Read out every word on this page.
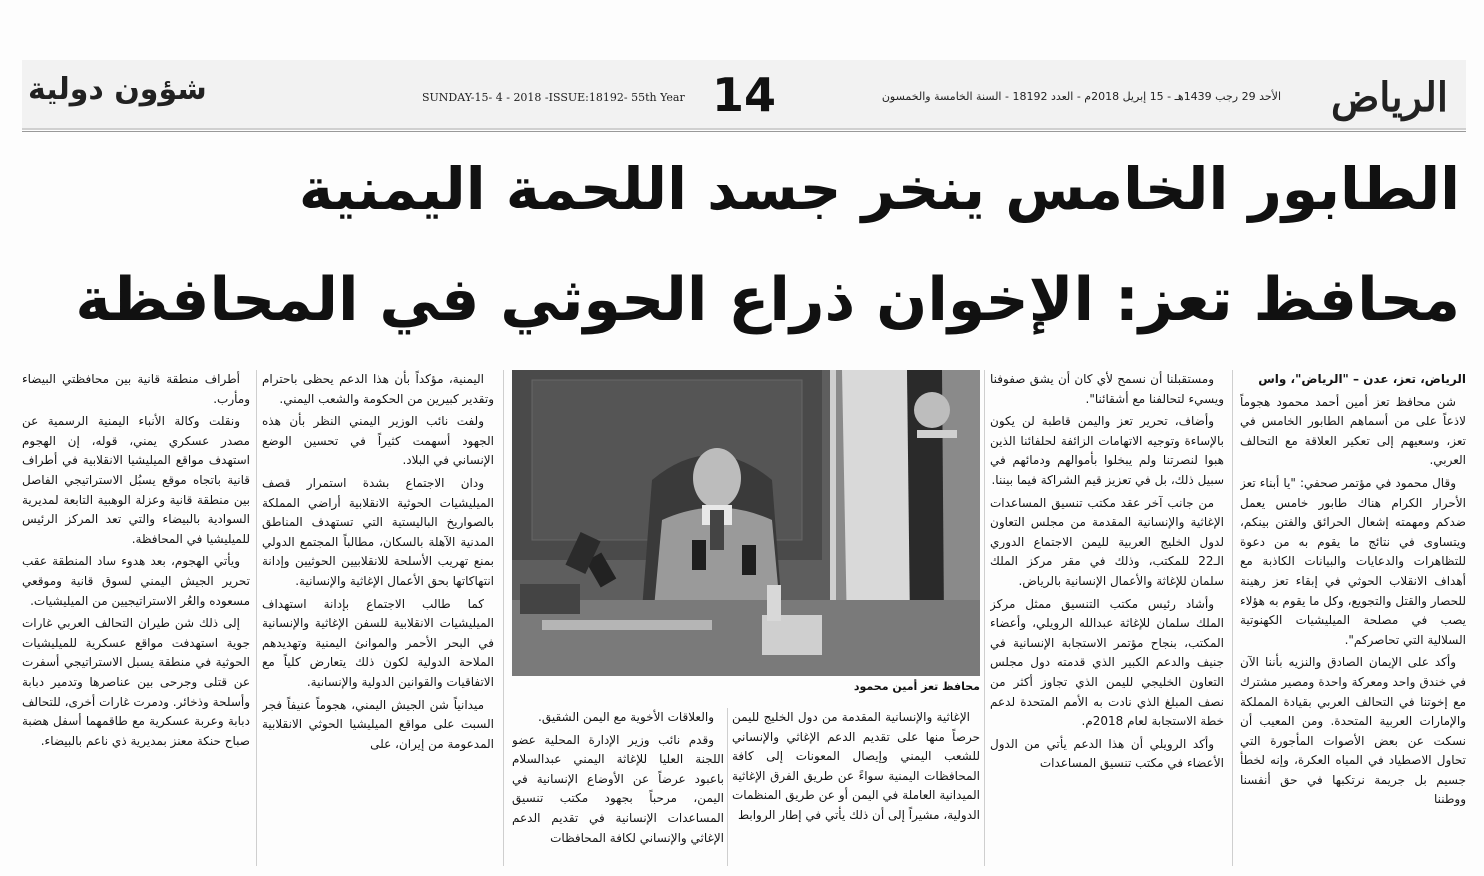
الرياض
الأحد 29 رجب 1439هـ - 15 إبريل 2018م - العدد 18192 - السنة الخامسة والخمسون
14
SUNDAY-15- 4 - 2018 -ISSUE:18192- 55th Year
شؤون دولية
الطابور الخامس ينخر جسد اللحمة اليمنية
محافظ تعز: الإخوان ذراع الحوثي في المحافظة

الرياض، تعز، عدن – "الرياض"، واس

شن محافظ تعز أمين أحمد محمود هجوماً لاذعاً على من أسماهم الطابور الخامس في تعز، وسعيهم إلى تعكير العلاقة مع التحالف العربي.

وقال محمود في مؤتمر صحفي: "يا أبناء تعز الأحرار الكرام هناك طابور خامس يعمل ضدكم ومهمته إشعال الحرائق والفتن بينكم، ويتساوى في نتائج ما يقوم به من دعوة للتظاهرات والدعايات والبيانات الكاذبة مع أهداف الانقلاب الحوثي في إبقاء تعز رهينة للحصار والقتل والتجويع، وكل ما يقوم به هؤلاء يصب في مصلحة الميليشيات الكهنوتية السلالية التي تحاصركم".

وأكد على الإيمان الصادق والنزيه بأننا الآن في خندق واحد ومعركة واحدة ومصير مشترك مع إخوتنا في التحالف العربي بقيادة المملكة والإمارات العربية المتحدة. ومن المعيب أن نسكت عن بعض الأصوات المأجورة التي تحاول الاصطياد في المياه العكرة، وإنه لخطأ جسيم بل جريمة نرتكبها في حق أنفسنا ووطننا

ومستقبلنا أن نسمح لأي كان أن يشق صفوفنا ويسيء لتحالفنا مع أشقائنا".

وأضاف، تحرير تعز واليمن قاطبة لن يكون بالإساءة وتوجيه الاتهامات الزائفة لحلفائنا الذين هبوا لنصرتنا ولم يبخلوا بأموالهم ودمائهم في سبيل ذلك، بل في تعزيز قيم الشراكة فيما بيننا.

من جانب آخر عقد مكتب تنسيق المساعدات الإغاثية والإنسانية المقدمة من مجلس التعاون لدول الخليج العربية لليمن الاجتماع الدوري الـ22 للمكتب، وذلك في مقر مركز الملك سلمان للإغاثة والأعمال الإنسانية بالرياض.

وأشاد رئيس مكتب التنسيق ممثل مركز الملك سلمان للإغاثة عبدالله الرويلي، وأعضاء المكتب، بنجاح مؤتمر الاستجابة الإنسانية في جنيف والدعم الكبير الذي قدمته دول مجلس التعاون الخليجي لليمن الذي تجاوز أكثر من نصف المبلغ الذي نادت به الأمم المتحدة لدعم خطة الاستجابة لعام 2018م.

وأكد الرويلي أن هذا الدعم يأتي من الدول الأعضاء في مكتب تنسيق المساعدات

محافظ تعز أمين محمود

الإغاثية والإنسانية المقدمة من دول الخليج لليمن حرصاً منها على تقديم الدعم الإغاثي والإنساني للشعب اليمني وإيصال المعونات إلى كافة المحافظات اليمنية سواءً عن طريق الفرق الإغاثية الميدانية العاملة في اليمن أو عن طريق المنظمات الدولية، مشيراً إلى أن ذلك يأتي في إطار الروابط

والعلاقات الأخوية مع اليمن الشقيق.

وقدم نائب وزير الإدارة المحلية عضو اللجنة العليا للإغاثة اليمني عبدالسلام باعبود عرضاً عن الأوضاع الإنسانية في اليمن، مرحباً بجهود مكتب تنسيق المساعدات الإنسانية في تقديم الدعم الإغاثي والإنساني لكافة المحافظات

اليمنية، مؤكداً بأن هذا الدعم يحظى باحترام وتقدير كبيرين من الحكومة والشعب اليمني.

ولفت نائب الوزير اليمني النظر بأن هذه الجهود أسهمت كثيراً في تحسين الوضع الإنساني في البلاد.

ودان الاجتماع بشدة استمرار قصف الميليشيات الحوثية الانقلابية أراضي المملكة بالصواريخ الباليستية التي تستهدف المناطق المدنية الآهلة بالسكان، مطالباً المجتمع الدولي بمنع تهريب الأسلحة للانقلابيين الحوثيين وإدانة انتهاكاتها بحق الأعمال الإغاثية والإنسانية.

كما طالب الاجتماع بإدانة استهداف الميليشيات الانقلابية للسفن الإغاثية والإنسانية في البحر الأحمر والموانئ اليمنية وتهديدهم الملاحة الدولية لكون ذلك يتعارض كلياً مع الاتفاقيات والقوانين الدولية والإنسانية.

ميدانياً شن الجيش اليمني، هجوماً عنيفاً فجر السبت على مواقع الميليشيا الحوثي الانقلابية المدعومة من إيران، على

أطراف منطقة قانية بين محافظتي البيضاء ومأرب.

ونقلت وكالة الأنباء اليمنية الرسمية عن مصدر عسكري يمني، قوله، إن الهجوم استهدف مواقع الميليشيا الانقلابية في أطراف قانية باتجاه موقع يسبُل الاستراتيجي الفاصل بين منطقة قانية وعزلة الوهبية التابعة لمديرية السوادية بالبيضاء والتي تعد المركز الرئيس للميليشيا في المحافظة.

ويأتي الهجوم، بعد هدوء ساد المنطقة عقب تحرير الجيش اليمني لسوق قانية وموقعي مسعوده والعُر الاستراتيجيين من الميليشيات.

إلى ذلك شن طيران التحالف العربي غارات جوية استهدفت مواقع عسكرية للميليشيات الحوثية في منطقة يسبل الاستراتيجي أسفرت عن قتلى وجرحى بين عناصرها وتدمير دبابة وأسلحة وذخائر. ودمرت غارات أخرى، للتحالف دبابة وعربة عسكرية مع طاقمهما أسفل هضبة صباح حنكة معنز بمديرية ذي ناعم بالبيضاء.
